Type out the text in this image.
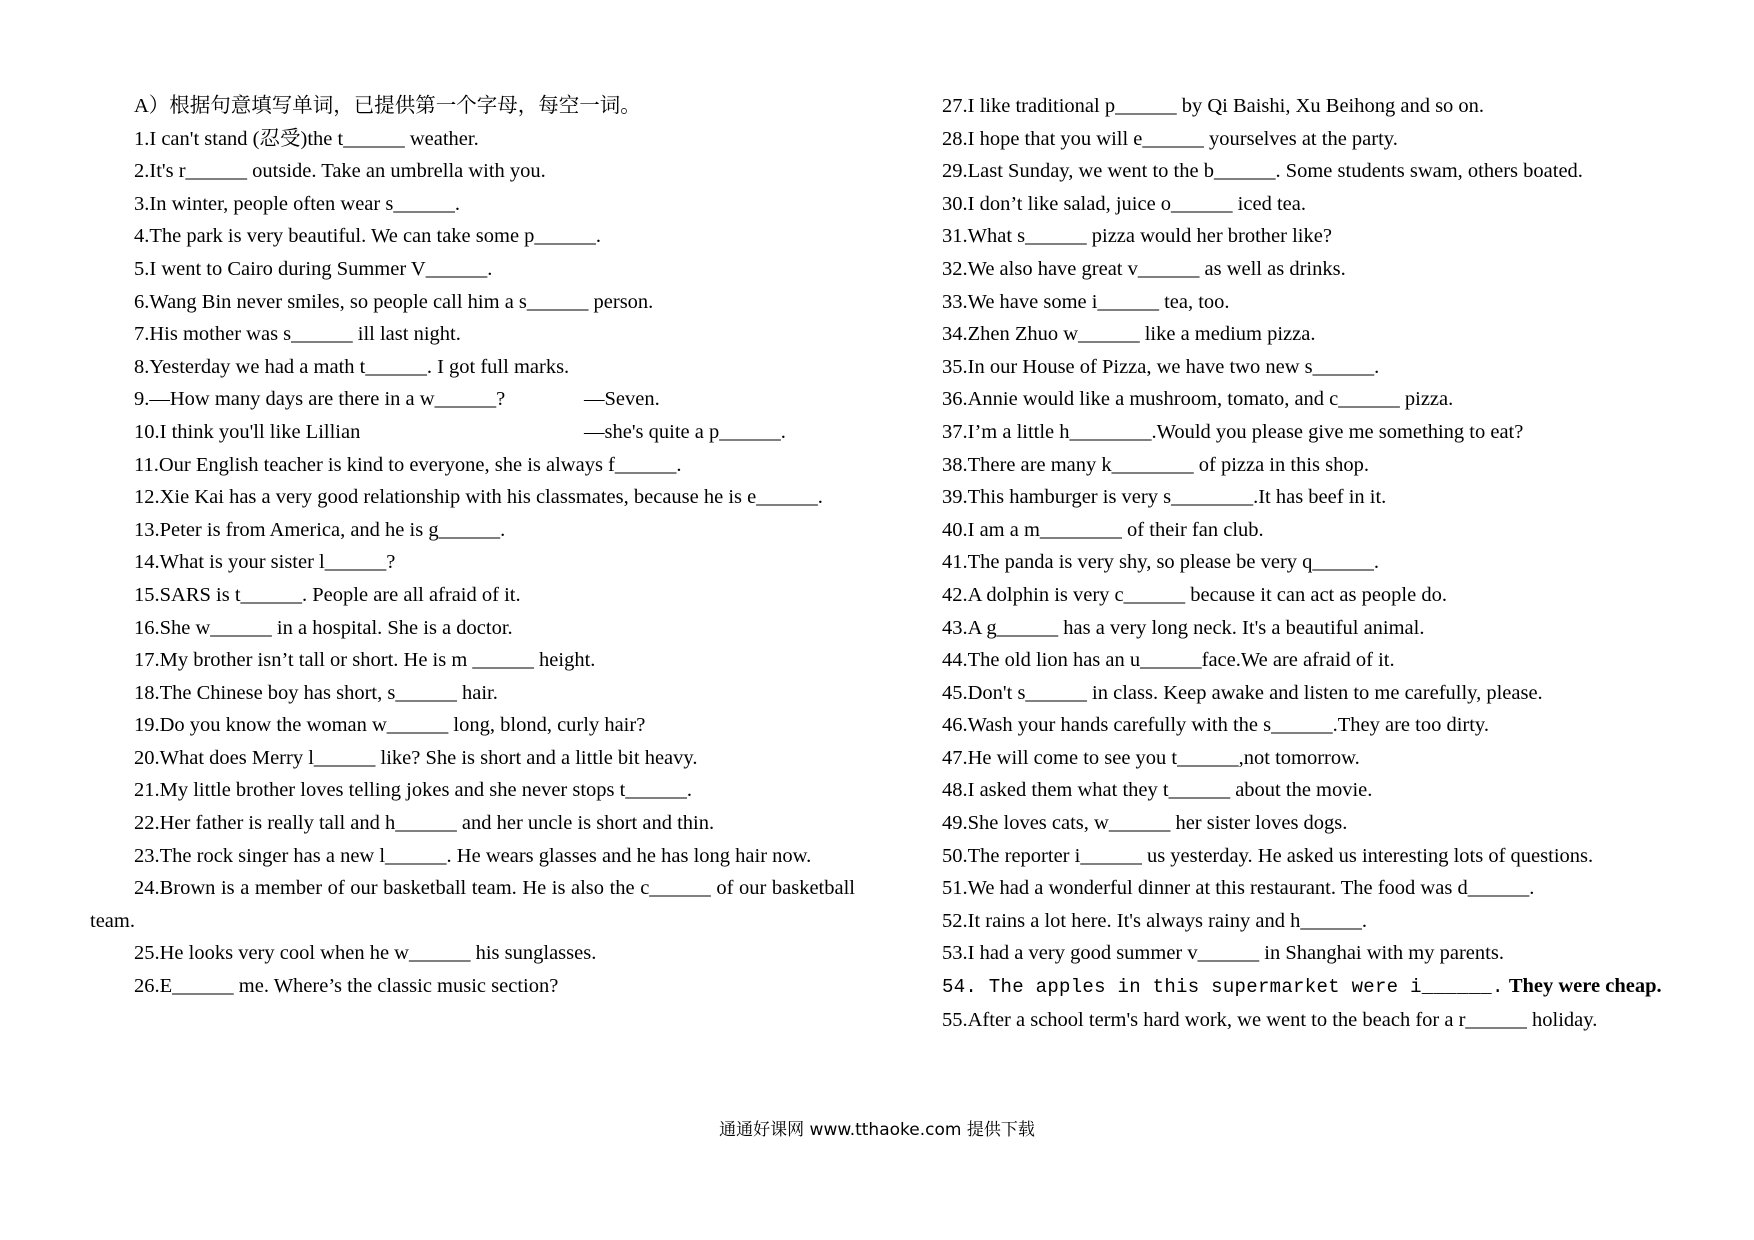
A）根据句意填写单词，已提供第一个字母，每空一词。
1.I can't stand (忍受)the t______ weather.
2.It's r______ outside. Take an umbrella with you.
3.In winter, people often wear s______.
4.The park is very beautiful. We can take some p______.
5.I went to Cairo during Summer V______.
6.Wang Bin never smiles, so people call him a s______ person.
7.His mother was s______ ill last night.
8.Yesterday we had a math t______. I got full marks.
9.—How many days are there in a w______?	—Seven.
10.I think you'll like Lillian	—she's quite a p______.
11.Our English teacher is kind to everyone, she is always f______.
12.Xie Kai has a very good relationship with his classmates, because he is e______.
13.Peter is from America, and he is g______.
14.What is your sister l______?
15.SARS is t______. People are all afraid of it.
16.She w______ in a hospital. She is a doctor.
17.My brother isn’t tall or short. He is m ______ height.
18.The Chinese boy has short, s______ hair.
19.Do you know the woman w______ long, blond, curly hair?
20.What does Merry l______ like? She is short and a little bit heavy.
21.My little brother loves telling jokes and she never stops t______.
22.Her father is really tall and h______ and her uncle is short and thin.
23.The rock singer has a new l______. He wears glasses and he has long hair now.
24.Brown is a member of our basketball team. He is also the c______ of our basketball team.
25.He looks very cool when he w______ his sunglasses.
26.E______ me. Where’s the classic music section?
27.I like traditional p______ by Qi Baishi, Xu Beihong and so on.
28.I hope that you will e______ yourselves at the party.
29.Last Sunday, we went to the b______. Some students swam, others boated.
30.I don’t like salad, juice o______ iced tea.
31.What s______ pizza would her brother like?
32.We also have great v______ as well as drinks.
33.We have some i______ tea, too.
34.Zhen Zhuo w______ like a medium pizza.
35.In our House of Pizza, we have two new s______.
36.Annie would like a mushroom, tomato, and c______ pizza.
37.I’m a little h________.Would you please give me something to eat?
38.There are many k________ of pizza in this shop.
39.This hamburger is very s________.It has beef in it.
40.I am a m________ of their fan club.
41.The panda is very shy, so please be very q______.
42.A dolphin is very c______ because it can act as people do.
43.A g______ has a very long neck. It's a beautiful animal.
44.The old lion has an u______face.We are afraid of it.
45.Don't s______ in class. Keep awake and listen to me carefully, please.
46.Wash your hands carefully with the s______.They are too dirty.
47.He will come to see you t______,not tomorrow.
48.I asked them what they t______ about the movie.
49.She loves cats, w______ her sister loves dogs.
50.The reporter i______ us yesterday. He asked us interesting lots of questions.
51.We had a wonderful dinner at this restaurant. The food was d______.
52.It rains a lot here. It's always rainy and h______.
53.I had a very good summer v______ in Shanghai with my parents.
54. The apples in this supermarket were i______. They were cheap.
55.After a school term's hard work, we went to the beach for a r______ holiday.
通通好课网 www.tthaoke.com 提供下载
